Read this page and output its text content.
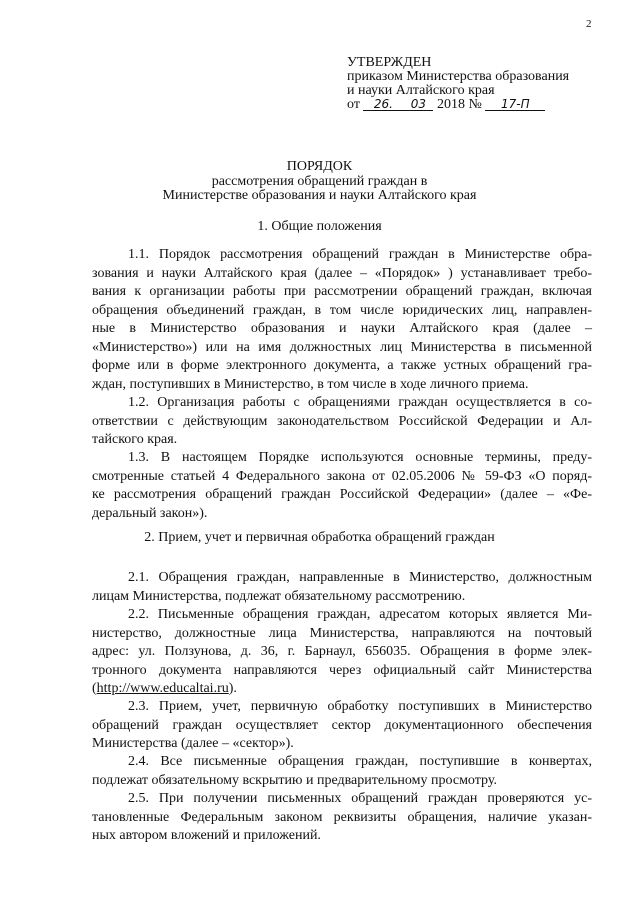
2
УТВЕРЖДЕН
приказом Министерства образования
и науки Алтайского края
от 26. 03 2018 № 17-П
ПОРЯДОК
рассмотрения обращений граждан в
Министерстве образования и науки Алтайского края
1. Общие положения
1.1. Порядок рассмотрения обращений граждан в Министерстве обра-
зования и науки Алтайского края (далее – «Порядок» ) устанавливает требо-
вания к организации работы при рассмотрении обращений граждан, включая
обращения объединений граждан, в том числе юридических лиц, направлен-
ные в Министерство образования и науки Алтайского края (далее –
«Министерство») или на имя должностных лиц Министерства в письменной
форме или в форме электронного документа, а также устных обращений гра-
ждан, поступивших в Министерство, в том числе в ходе личного приема.
1.2. Организация работы с обращениями граждан осуществляется в со-
ответствии с действующим законодательством Российской Федерации и Ал-
тайского края.
1.3. В настоящем Порядке используются основные термины, преду-
смотренные статьей 4 Федерального закона от 02.05.2006 № 59-ФЗ «О поряд-
ке рассмотрения обращений граждан Российской Федерации» (далее – «Фе-
деральный закон»).
2. Прием, учет и первичная обработка обращений граждан
2.1. Обращения граждан, направленные в Министерство, должностным
лицам Министерства, подлежат обязательному рассмотрению.
2.2. Письменные обращения граждан, адресатом которых является Ми-
нистерство, должностные лица Министерства, направляются на почтовый
адрес: ул. Ползунова, д. 36, г. Барнаул, 656035. Обращения в форме элек-
тронного документа направляются через официальный сайт Министерства
(http://www.educaltai.ru).
2.3. Прием, учет, первичную обработку поступивших в Министерство
обращений граждан осуществляет сектор документационного обеспечения
Министерства (далее – «сектор»).
2.4. Все письменные обращения граждан, поступившие в конвертах,
подлежат обязательному вскрытию и предварительному просмотру.
2.5. При получении письменных обращений граждан проверяются ус-
тановленные Федеральным законом реквизиты обращения, наличие указан-
ных автором вложений и приложений.
